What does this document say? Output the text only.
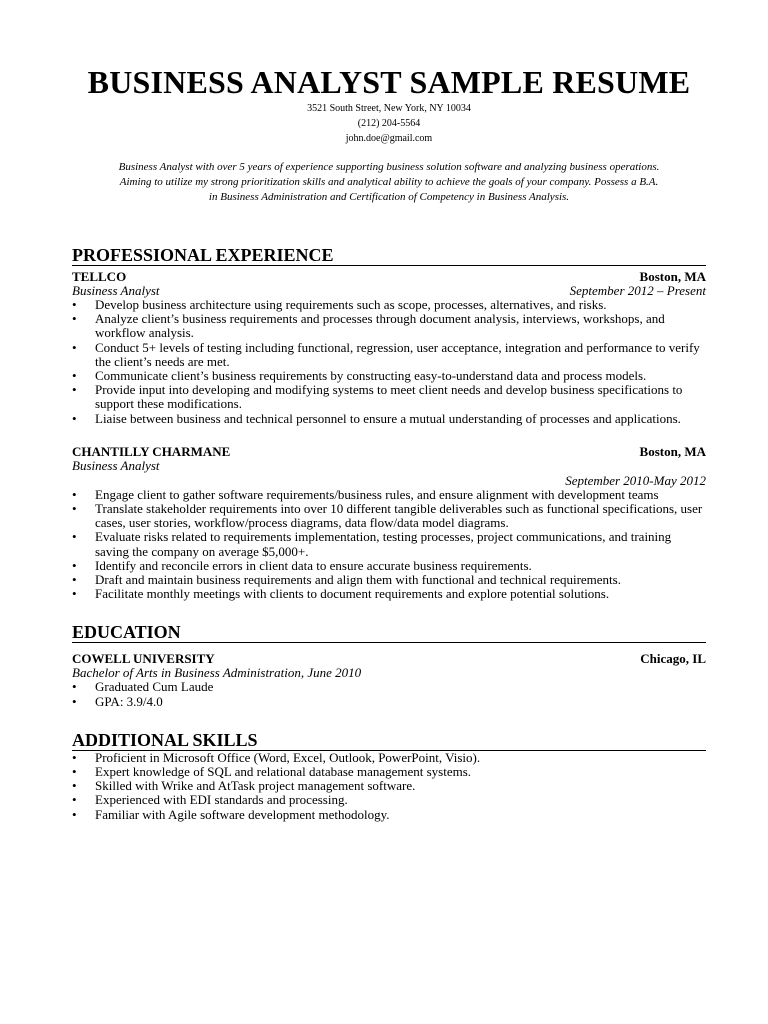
BUSINESS ANALYST SAMPLE RESUME
3521 South Street, New York, NY 10034
(212) 204-5564
john.doe@gmail.com
Business Analyst with over 5 years of experience supporting business solution software and analyzing business operations.
Aiming to utilize my strong prioritization skills and analytical ability to achieve the goals of your company. Possess a B.A.
in Business Administration and Certification of Competency in Business Analysis.
PROFESSIONAL EXPERIENCE
TELLCO	Boston, MA
Business Analyst	September 2012 – Present
• Develop business architecture using requirements such as scope, processes, alternatives, and risks.
• Analyze client’s business requirements and processes through document analysis, interviews, workshops, and workflow analysis.
• Conduct 5+ levels of testing including functional, regression, user acceptance, integration and performance to verify the client’s needs are met.
• Communicate client’s business requirements by constructing easy-to-understand data and process models.
• Provide input into developing and modifying systems to meet client needs and develop business specifications to support these modifications.
• Liaise between business and technical personnel to ensure a mutual understanding of processes and applications.
CHANTILLY CHARMANE	Boston, MA
Business Analyst
September 2010-May 2012
• Engage client to gather software requirements/business rules, and ensure alignment with development teams
• Translate stakeholder requirements into over 10 different tangible deliverables such as functional specifications, user cases, user stories, workflow/process diagrams, data flow/data model diagrams.
• Evaluate risks related to requirements implementation, testing processes, project communications, and training saving the company on average $5,000+.
• Identify and reconcile errors in client data to ensure accurate business requirements.
• Draft and maintain business requirements and align them with functional and technical requirements.
• Facilitate monthly meetings with clients to document requirements and explore potential solutions.
EDUCATION
COWELL UNIVERSITY	Chicago, IL
Bachelor of Arts in Business Administration, June 2010
• Graduated Cum Laude
• GPA: 3.9/4.0
ADDITIONAL SKILLS
• Proficient in Microsoft Office (Word, Excel, Outlook, PowerPoint, Visio).
• Expert knowledge of SQL and relational database management systems.
• Skilled with Wrike and AtTask project management software.
• Experienced with EDI standards and processing.
• Familiar with Agile software development methodology.
